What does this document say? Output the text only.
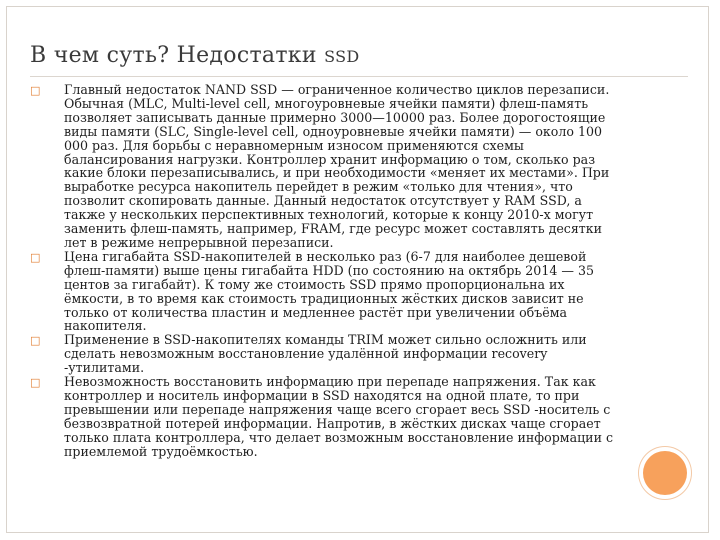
В чем суть? Недостатки SSD
□ Главный недостаток NAND SSD — ограниченное количество циклов перезаписи. Обычная (MLC, Multi-level cell, многоуровневые ячейки памяти) флеш-память позволяет записывать данные примерно 3000—10000 раз. Более дорогостоящие виды памяти (SLC, Single-level cell, одноуровневые ячейки памяти) — около 100 000 раз. Для борьбы с неравномерным износом применяются схемы балансирования нагрузки. Контроллер хранит информацию о том, сколько раз какие блоки перезаписывались, и при необходимости «меняет их местами». При выработке ресурса накопитель перейдет в режим «только для чтения», что позволит скопировать данные. Данный недостаток отсутствует у RAM SSD, а также у нескольких перспективных технологий, которые к концу 2010-х могут заменить флеш-память, например, FRAM, где ресурс может составлять десятки лет в режиме непрерывной перезаписи.
□ Цена гигабайта SSD-накопителей в несколько раз (6-7 для наиболее дешевой флеш-памяти) выше цены гигабайта HDD (по состоянию на октябрь 2014 — 35 центов за гигабайт). К тому же стоимость SSD прямо пропорциональна их ёмкости, в то время как стоимость традиционных жёстких дисков зависит не только от количества пластин и медленнее растёт при увеличении объёма накопителя.
□ Применение в SSD-накопителях команды TRIM может сильно осложнить или сделать невозможным восстановление удалённой информации recovery -утилитами.
□ Невозможность восстановить информацию при перепаде напряжения. Так как контроллер и носитель информации в SSD находятся на одной плате, то при превышении или перепаде напряжения чаще всего сгорает весь SSD -носитель с безвозвратной потерей информации. Напротив, в жёстких дисках чаще сгорает только плата контроллера, что делает возможным восстановление информации с приемлемой трудоёмкостью.
